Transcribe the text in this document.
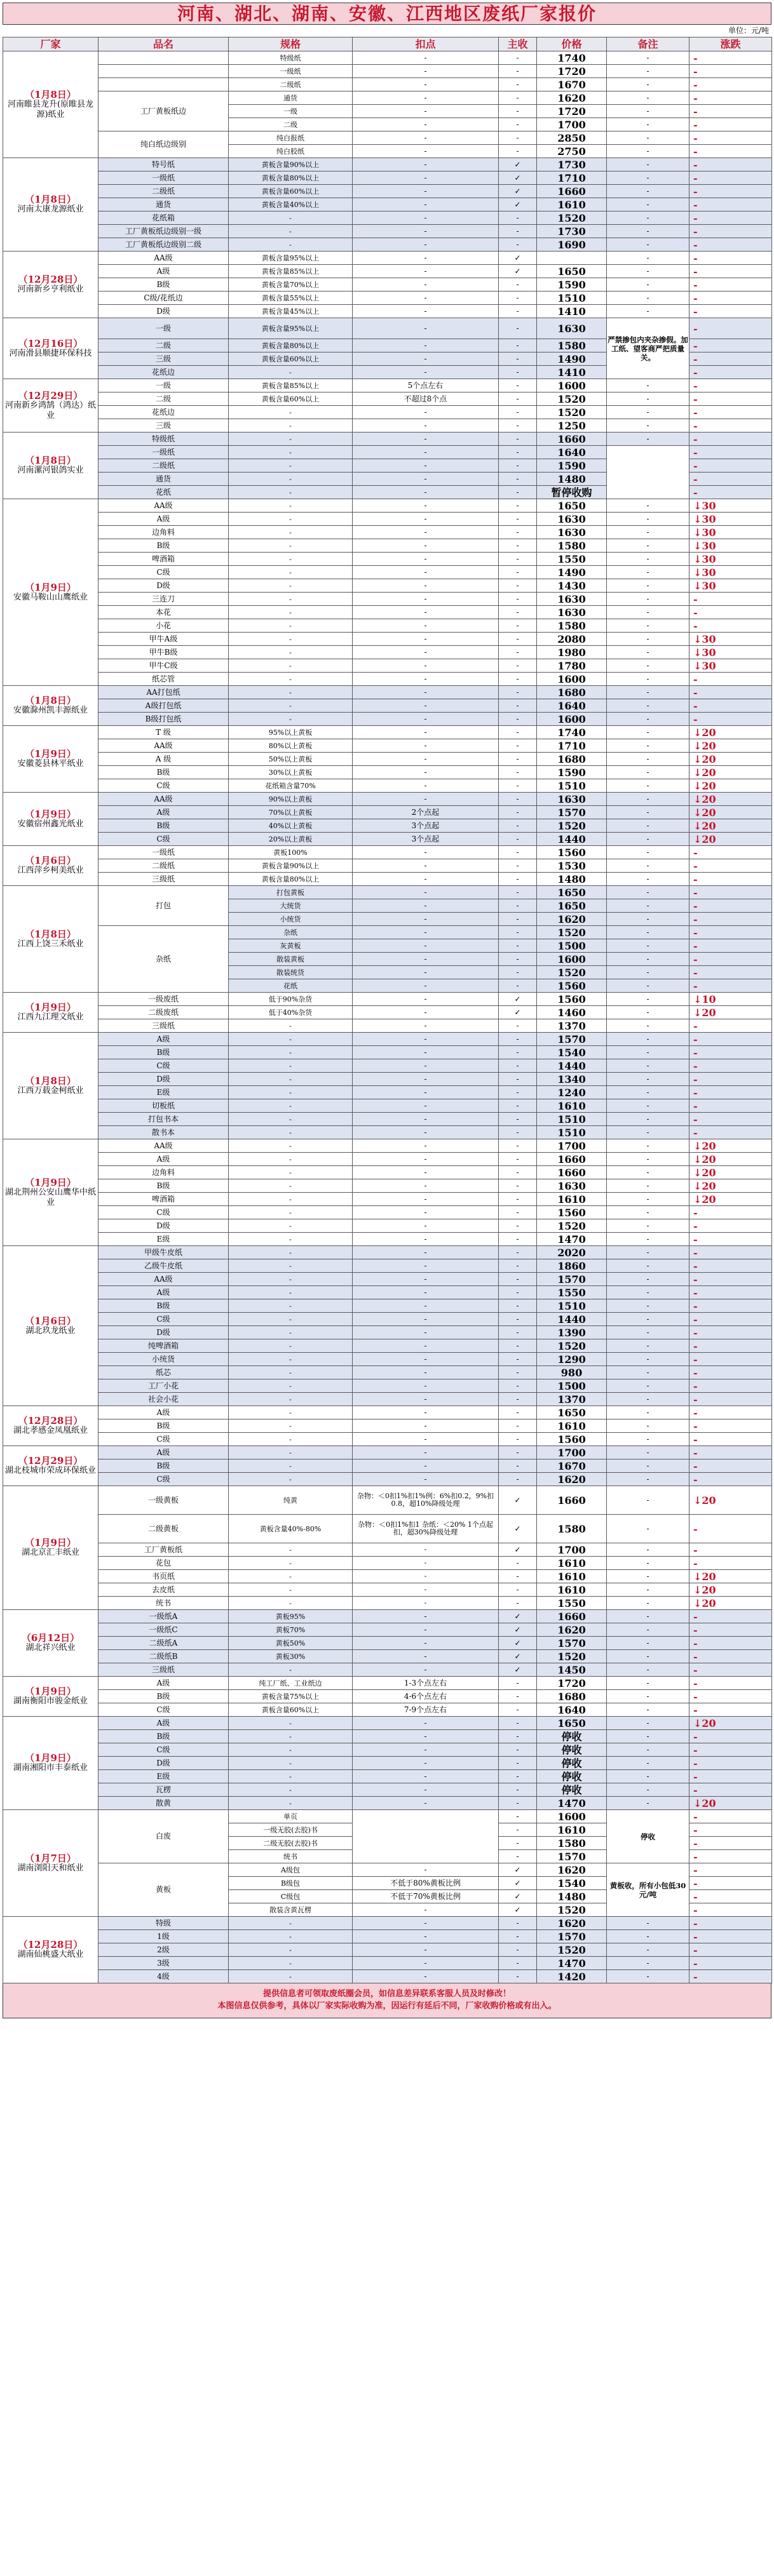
河南、湖北、湖南、安徽、江西地区废纸厂家报价
单位：元/吨
厂家	品名	规格	扣点	主收	价格	备注	涨跌

（1月8日）
河南睢县龙升(原睢县龙源)纸业		特级纸	-	-	1740	-	-
		一级纸	-	-	1720	-	-
		二级纸	-	-	1670	-	-
	工厂黄板纸边	通货	-	-	1620	-	-
		一级	-	-	1720	-	-
		二级	-	-	1700	-	-
	纯白纸边级别	纯白报纸	-	-	2850	-	-
		纯白胶纸	-	-	2750	-	-

（1月8日）
河南太康龙源纸业	特号纸	黄板含量90%以上	-	✓	1730	-	-
	一级纸	黄板含量80%以上	-	✓	1710	-	-
	二级纸	黄板含量60%以上	-	✓	1660	-	-
	通货	黄板含量40%以上	-	✓	1610	-	-
	花纸箱	-	-	-	1520	-	-
	工厂黄板纸边级别一级	-	-	-	1730	-	-
	工厂黄板纸边级别二级	-	-	-	1690	-	-

（12月28日）
河南新乡亨利纸业	AA级	黄板含量95%以上	-	✓		-	-
	A级	黄板含量85%以上	-	✓	1650	-	-
	B级	黄板含量70%以上	-	-	1590	-	-
	C级/花纸边	黄板含量55%以上	-	-	1510	-	-
	D级	黄板含量45%以上	-	-	1410	-	-

（12月16日）
河南滑县顺捷环保科技	一级	黄板含量95%以上	-	-	1630	严禁掺包内夹杂掺假。加工纸、望客商严把质量关。	-
	二级	黄板含量80%以上	-	-	1580		-
	三级	黄板含量60%以上	-	-	1490		-
	花纸边	-	-	-	1410		-

（12月29日）
河南新乡鸿鹄（鸿达）纸业	一级	黄板含量85%以上	5个点左右	-	1600	-	-
	二级	黄板含量60%以上	不超过8个点	-	1520	-	-
	花纸边	-	-	-	1520	-	-
	三级	-	-	-	1250	-	-

（1月8日）
河南漯河银鸽实业	特级纸	-	-	-	1660	-	-
	一级纸	-	-	-	1640		-
	二级纸	-	-	-	1590		-
	通货	-	-	-	1480		-
	花纸	-	-	-	暂停收购		-

（1月9日）
安徽马鞍山山鹰纸业	AA级	-	-	-	1650	-	↓30
	A级	-	-	-	1630	-	↓30
	边角料	-	-	-	1630	-	↓30
	B级	-	-	-	1580	-	↓30
	啤酒箱	-	-	-	1550	-	↓30
	C级	-	-	-	1490	-	↓30
	D级	-	-	-	1430	-	↓30
	三连刀	-	-	-	1630	-	-
	本花	-	-	-	1630	-	-
	小花	-	-	-	1580	-	-
	甲牛A级	-	-	-	2080	-	↓30
	甲牛B级	-	-	-	1980	-	↓30
	甲牛C级	-	-	-	1780	-	↓30
	纸芯管	-	-	-	1600	-	-

（1月8日）
安徽滁州凯丰源纸业	AA打包纸	-	-	-	1680	-	-
	A级打包纸	-	-	-	1640	-	-
	B级打包纸	-	-	-	1600	-	-

（1月9日）
安徽菱县林平纸业	T 级	95%以上黄板	-	-	1740	-	↓20
	AA级	80%以上黄板	-	-	1710	-	↓20
	A 级	50%以上黄板	-	-	1680	-	↓20
	B级	30%以上黄板	-	-	1590	-	↓20
	C级	花纸箱含量70%	-	-	1510	-	↓20

（1月9日）
安徽宿州鑫光纸业	AA级	90%以上黄板	-	-	1630	-	↓20
	A级	70%以上黄板	2个点起	-	1570	-	↓20
	B级	40%以上黄板	3个点起	-	1520	-	↓20
	C级	20%以上黄板	3个点起	-	1440	-	↓20

（1月6日）
江西萍乡柯美纸业	一级纸	黄板100%	-	-	1560	-	-
	二级纸	黄板含量90%以上	-	-	1530	-	-
	三级纸	黄板含量80%以上	-	-	1480	-	-

（1月8日）
江西上饶三禾纸业	打包	打包黄板	-	-	1650	-	-
		大统货	-	-	1650	-	-
		小统货	-	-	1620	-	-
	杂纸	杂纸	-	-	1520	-	-
		灰黄板	-	-	1500	-	-
		散装黄板	-	-	1600	-	-
		散装统货	-	-	1520	-	-
		花纸	-	-	1560	-	-

（1月9日）
江西九江理文纸业	一级废纸	低于90%杂货	-	✓	1560	-	↓10
	二级废纸	低于40%杂货	-	✓	1460	-	↓20
	三级纸	-	-	-	1370	-	-

（1月8日）
江西万载金柯纸业	A级	-	-	-	1570	-	-
	B级	-	-	-	1540	-	-
	C级	-	-	-	1440	-	-
	D级	-	-	-	1340	-	-
	E级	-	-	-	1240	-	-
	切板纸	-	-	-	1610	-	-
	打包书本	-	-	-	1510	-	-
	散书本	-	-	-	1510	-	-

（1月9日）
湖北荆州公安山鹰华中纸业	AA级	-	-	-	1700	-	↓20
	A级	-	-	-	1660	-	↓20
	边角料	-	-	-	1660	-	↓20
	B级	-	-	-	1630	-	↓20
	啤酒箱	-	-	-	1610	-	↓20
	C级	-	-	-	1560	-	-
	D级	-	-	-	1520	-	-
	E级	-	-	-	1470	-	-

（1月6日）
湖北玖龙纸业	甲级牛皮纸	-	-	-	2020	-	-
	乙级牛皮纸	-	-	-	1860	-	-
	AA级	-	-	-	1570	-	-
	A级	-	-	-	1550	-	-
	B级	-	-	-	1510	-	-
	C级	-	-	-	1440	-	-
	D级	-	-	-	1390	-	-
	纯啤酒箱	-	-	-	1520	-	-
	小统货	-	-	-	1290	-	-
	纸芯	-	-	-	980	-	-
	工厂小花	-	-	-	1500	-	-
	社会小花	-	-	-	1370	-	-

（12月28日）
湖北孝感金凤凰纸业	A级	-	-	-	1650	-	-
	B级	-	-	-	1610	-	-
	C级	-	-	-	1560	-	-

（12月29日）
湖北枝城市荣成环保纸业	A级	-	-	-	1700	-	-
	B级	-	-	-	1670	-	-
	C级	-	-	-	1620	-	-

（1月9日）
湖北京汇丰纸业	一级黄板	纯黄	杂物：＜0扣1%扣1%例：6%扣0.2，9%扣0.8，超10%降级处理	✓	1660	-	↓20
	二级黄板	黄板含量40%-80%	杂物：＜0扣1%扣1 杂纸：＜20% 1个点起扣，超30%降级处理	✓	1580	-	-
	工厂黄板纸	-	-	✓	1700	-	-
	花包	-	-	-	1610	-	-
	书页纸	-	-	-	1610	-	↓20
	去皮纸	-	-	-	1610	-	↓20
	统书	-	-	-	1550	-	↓20

（6月12日）
湖北祥兴纸业	一级纸A	黄板95%	-	✓	1660	-	-
	一级纸C	黄板70%	-	✓	1620	-	-
	二级纸A	黄板50%	-	✓	1570	-	-
	二级纸B	黄板30%	-	✓	1520	-	-
	三级纸	-	-	✓	1450	-	-

（1月9日）
湖南衡阳市骏金纸业	A级	纯工厂纸、工业纸边	1-3个点左右	-	1720	-	-
	B级	黄板含量75%以上	4-6个点左右	-	1680	-	-
	C级	黄板含量60%以上	7-9个点左右	-	1640	-	-

（1月9日）
湖南湘阳市丰泰纸业	A级	-	-	-	1650	-	↓20
	B级	-	-	-	停收	-	-
	C级	-	-	-	停收	-	-
	D级	-	-	-	停收	-	-
	E级	-	-	-	停收	-	-
	瓦楞	-	-	-	停收	-	-
	散黄	-	-	-	1470	-	↓20

（1月7日）
湖南浏阳天和纸业	白废	单页		-	1600	停收	-
		一级无胶(去胶)书		-	1610		-
		二级无胶(去胶)书		-	1580		-
		统书		-	1570		-
	黄板	A级包	-	✓	1620	黄板收，所有小包低30元/吨	-
		B级包	不低于80%黄板比例	✓	1540		-
		C级包	不低于70%黄板比例	✓	1480		-
		散装含黄瓦楞	-	✓	1520		-

（12月28日）
湖南仙桃盛大纸业	特级	-	-	-	1620	-	-
	1级	-	-	-	1570	-	-
	2级	-	-	-	1520	-	-
	3级	-	-	-	1470	-	-
	4级	-	-	-	1420	-	-
提供信息者可领取废纸圈会员，如信息差异联系客服人员及时修改！
本图信息仅供参考，具体以厂家实际收购为准，因运行有延后不同，厂家收购价格或有出入。
